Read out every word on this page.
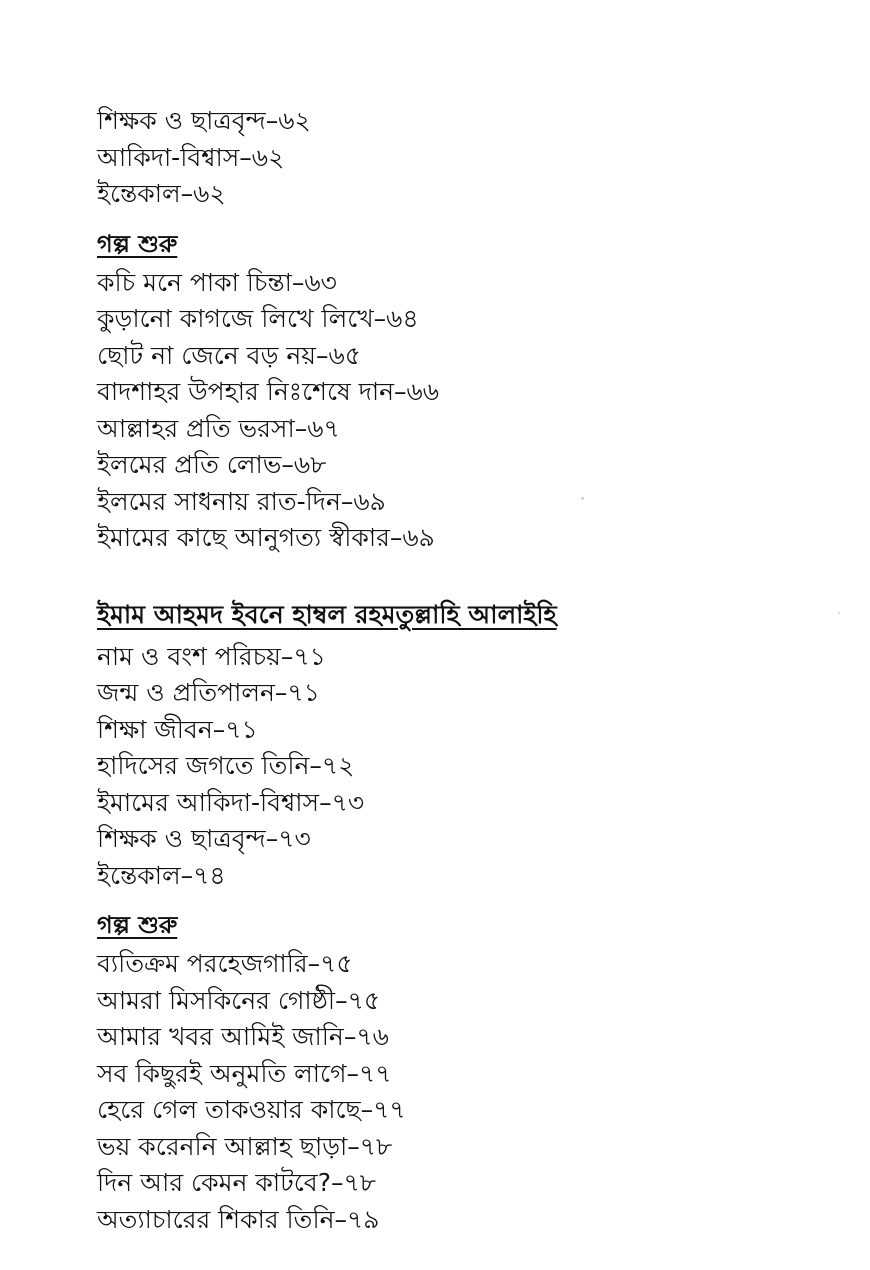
শিক্ষক ও ছাত্রবৃন্দ–৬২
আকিদা-বিশ্বাস–৬২
ইন্তেকাল–৬২
গল্প শুরু
কচি মনে পাকা চিন্তা–৬৩
কুড়ানো কাগজে লিখে লিখে–৬৪
ছোট না জেনে বড় নয়–৬৫
বাদশাহর উপহার নিঃশেষে দান–৬৬
আল্লাহর প্রতি ভরসা–৬৭
ইলমের প্রতি লোভ–৬৮
ইলমের সাধনায় রাত-দিন–৬৯
ইমামের কাছে আনুগত্য স্বীকার–৬৯
ইমাম আহমদ ইবনে হাম্বল রহমতুল্লাহি আলাইহি
নাম ও বংশ পরিচয়–৭১
জন্ম ও প্রতিপালন–৭১
শিক্ষা জীবন–৭১
হাদিসের জগতে তিনি–৭২
ইমামের আকিদা-বিশ্বাস–৭৩
শিক্ষক ও ছাত্রবৃন্দ–৭৩
ইন্তেকাল–৭৪
গল্প শুরু
ব্যতিক্রম পরহেজগারি–৭৫
আমরা মিসকিনের গোষ্ঠী–৭৫
আমার খবর আমিই জানি–৭৬
সব কিছুরই অনুমতি লাগে–৭৭
হেরে গেল তাকওয়ার কাছে–৭৭
ভয় করেননি আল্লাহ ছাড়া–৭৮
দিন আর কেমন কাটবে?–৭৮
অত্যাচারের শিকার তিনি–৭৯
